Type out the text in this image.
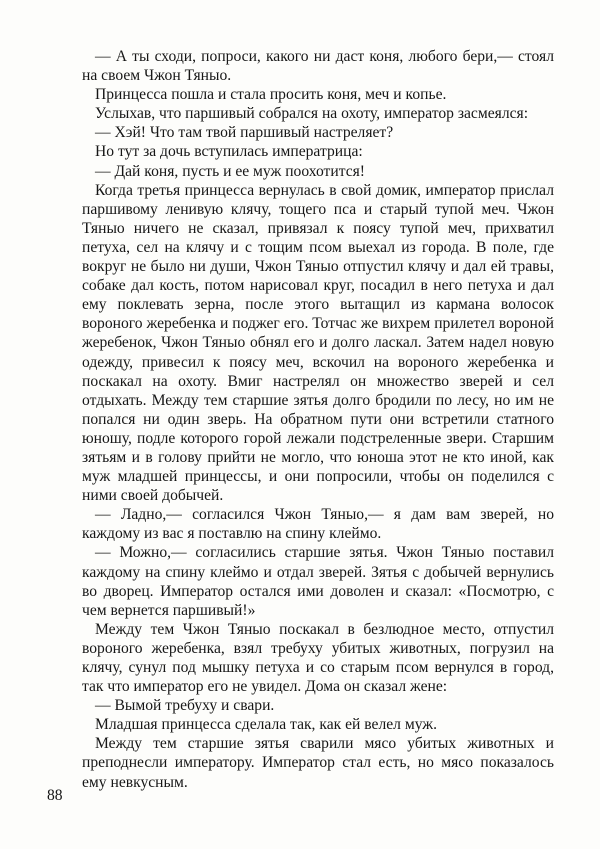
— А ты сходи, попроси, какого ни даст коня, любого бери,— стоял на своем Чжон Тяныо.

Принцесса пошла и стала просить коня, меч и копье.

Услыхав, что паршивый собрался на охоту, император засмеялся:

— Хэй! Что там твой паршивый настреляет?

Но тут за дочь вступилась императрица:

— Дай коня, пусть и ее муж поохотится!

Когда третья принцесса вернулась в свой домик, император прислал паршивому ленивую клячу, тощего пса и старый тупой меч. Чжон Тяныо ничего не сказал, привязал к поясу тупой меч, прихватил петуха, сел на клячу и с тощим псом выехал из города. В поле, где вокруг не было ни души, Чжон Тяныо отпустил клячу и дал ей травы, собаке дал кость, потом нарисовал круг, посадил в него петуха и дал ему поклевать зерна, после этого вытащил из кармана волосок вороного жеребенка и поджег его. Тотчас же вихрем прилетел вороной жеребенок, Чжон Тяныо обнял его и долго ласкал. Затем надел новую одежду, привесил к поясу меч, вскочил на вороного жеребенка и поскакал на охоту. Вмиг настрелял он множество зверей и сел отдыхать. Между тем старшие зятья долго бродили по лесу, но им не попался ни один зверь. На обратном пути они встретили статного юношу, подле которого горой лежали подстреленные звери. Старшим зятьям и в голову прийти не могло, что юноша этот не кто иной, как муж младшей принцессы, и они попросили, чтобы он поделился с ними своей добычей.

— Ладно,— согласился Чжон Тяныо,— я дам вам зверей, но каждому из вас я поставлю на спину клеймо.

— Можно,— согласились старшие зятья. Чжон Тяныо поставил каждому на спину клеймо и отдал зверей. Зятья с добычей вернулись во дворец. Император остался ими доволен и сказал: «Посмотрю, с чем вернется паршивый!»

Между тем Чжон Тяныо поскакал в безлюдное место, отпустил вороного жеребенка, взял требуху убитых животных, погрузил на клячу, сунул под мышку петуха и со старым псом вернулся в город, так что император его не увидел. Дома он сказал жене:

— Вымой требуху и свари.

Младшая принцесса сделала так, как ей велел муж.

Между тем старшие зятья сварили мясо убитых животных и преподнесли императору. Император стал есть, но мясо показалось ему невкусным.

88
